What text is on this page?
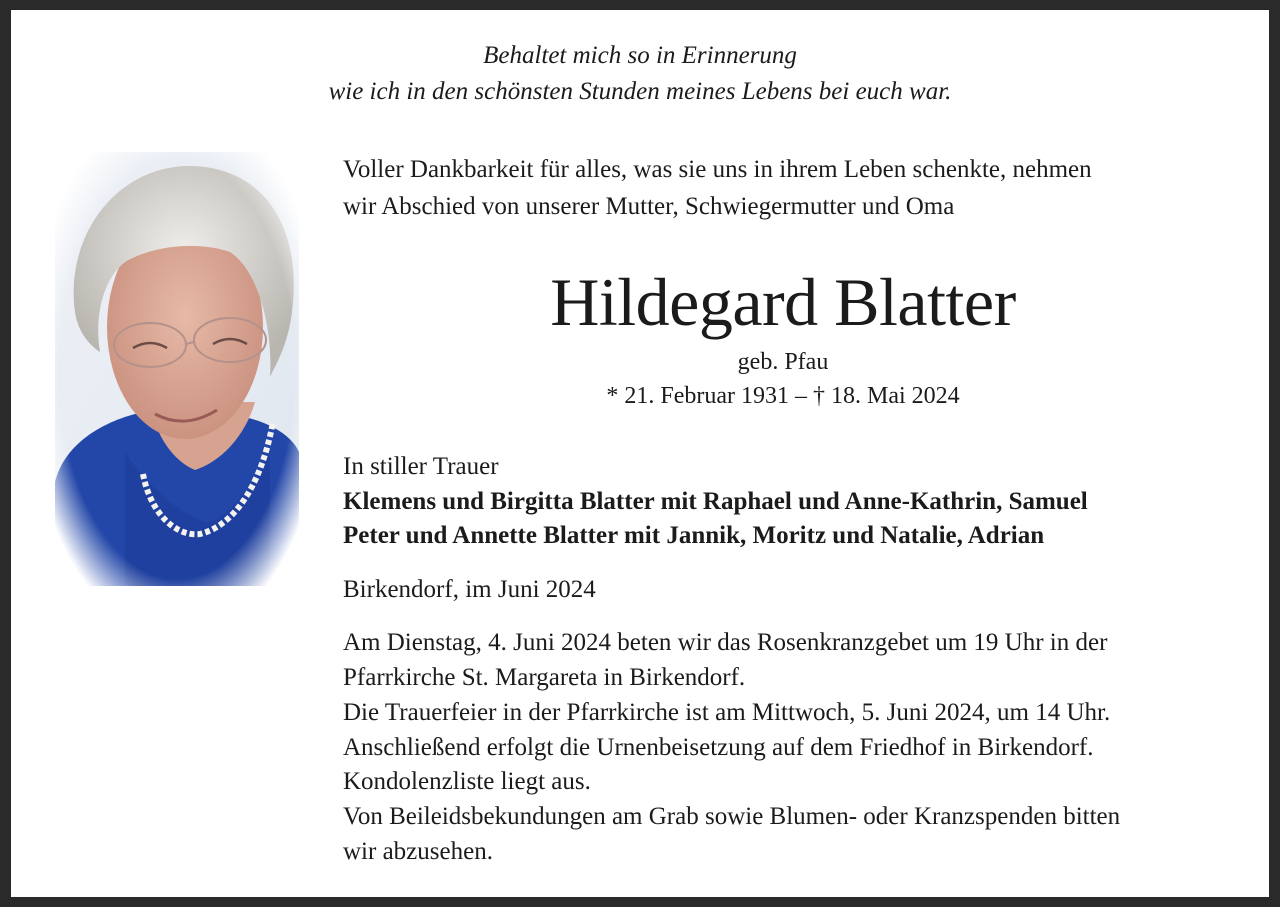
Behaltet mich so in Erinnerung
wie ich in den schönsten Stunden meines Lebens bei euch war.
Voller Dankbarkeit für alles, was sie uns in ihrem Leben schenkte, nehmen
wir Abschied von unserer Mutter, Schwiegermutter und Oma
Hildegard Blatter
geb. Pfau
* 21. Februar 1931 – † 18. Mai 2024
In stiller Trauer
Klemens und Birgitta Blatter mit Raphael und Anne-Kathrin, Samuel
Peter und Annette Blatter mit Jannik, Moritz und Natalie, Adrian
Birkendorf, im Juni 2024
Am Dienstag, 4. Juni 2024 beten wir das Rosenkranzgebet um 19 Uhr in der
Pfarrkirche St. Margareta in Birkendorf.
Die Trauerfeier in der Pfarrkirche ist am Mittwoch, 5. Juni 2024, um 14 Uhr.
Anschließend erfolgt die Urnenbeisetzung auf dem Friedhof in Birkendorf.
Kondolenzliste liegt aus.
Von Beileidsbekundungen am Grab sowie Blumen- oder Kranzspenden bitten
wir abzusehen.
